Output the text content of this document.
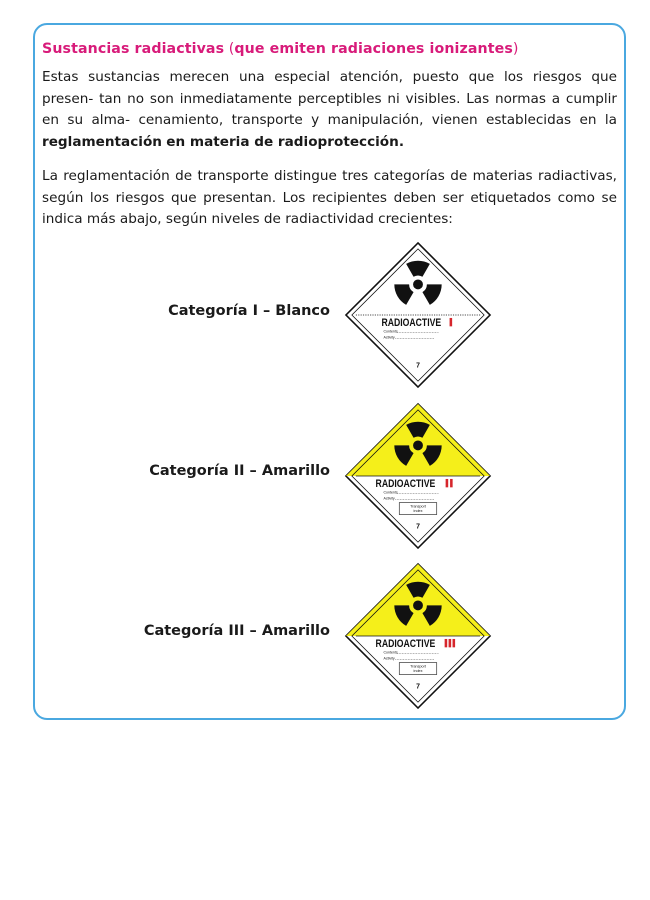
Sustancias radiactivas (que emiten radiaciones ionizantes)

Estas sustancias merecen una especial atención, puesto que los riesgos que presen- tan no son inmediatamente perceptibles ni visibles. Las normas a cumplir en su alma- cenamiento, transporte y manipulación, vienen establecidas en la reglamentación en materia de radioprotección.

La reglamentación de transporte distingue tres categorías de materias radiactivas, según los riesgos que presentan. Los recipientes deben ser etiquetados como se indica más abajo, según niveles de radiactividad crecientes:

Categoría I – Blanco
RADIOACTIVE
Contents
Activity
7
Categoría II – Amarillo
RADIOACTIVE
Contents
Activity
Transport
index
7
Categoría III – Amarillo
RADIOACTIVE
Contents
Activity
Transport
index
7
